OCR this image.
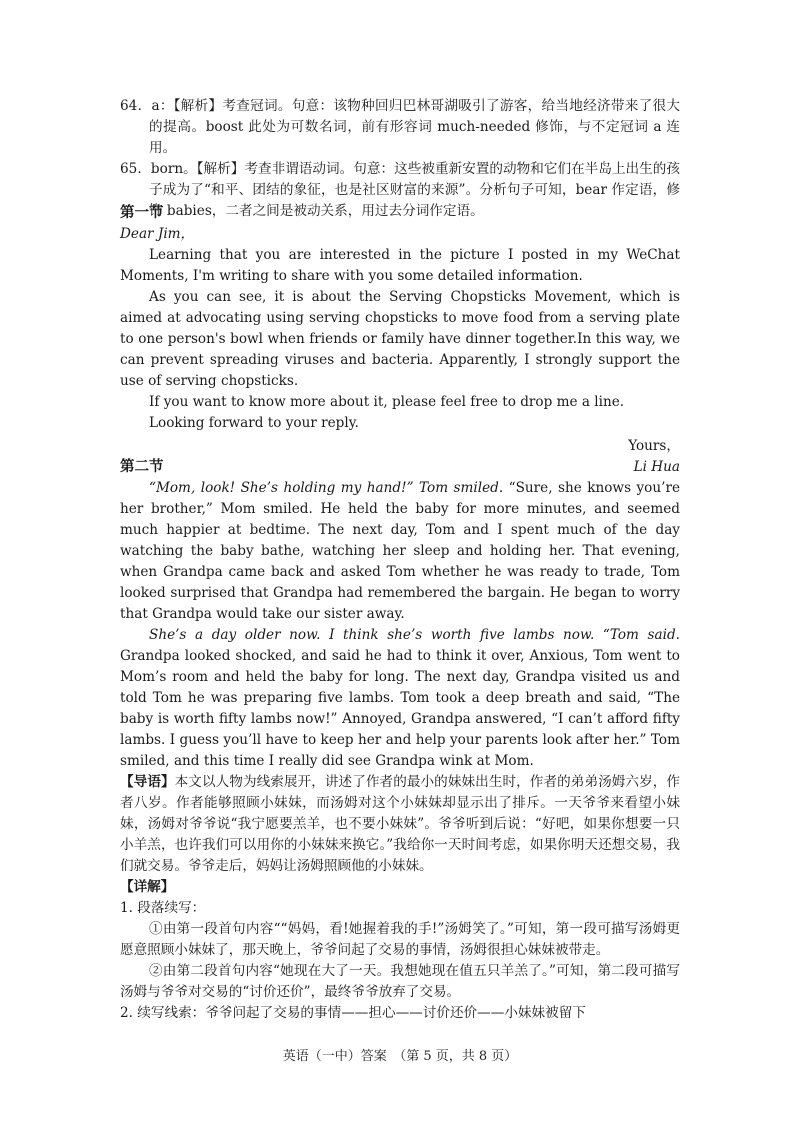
64．a：【解析】考查冠词。句意：该物种回归巴林哥湖吸引了游客，给当地经济带来了很大的提高。boost 此处为可数名词，前有形容词 much-needed 修饰，与不定冠词 a 连用。

65．born。【解析】考查非谓语动词。句意：这些被重新安置的动物和它们在半岛上出生的孩子成为了“和平、团结的象征，也是社区财富的来源”。分析句子可知，bear 作定语，修饰 babies，二者之间是被动关系，用过去分词作定语。

第一节

Dear Jim，

Learning that you are interested in the picture I posted in my WeChat Moments, I'm writing to share with you some detailed information.

As you can see, it is about the Serving Chopsticks Movement, which is aimed at advocating using serving chopsticks to move food from a serving plate to one person's bowl when friends or family have dinner together.In this way, we can prevent spreading viruses and bacteria. Apparently, I strongly support the use of serving chopsticks.

If you want to know more about it, please feel free to drop me a line.

Looking forward to your reply.

Yours，

Li Hua

第二节

“Mom, look! She’s holding my hand!” Tom smiled. “Sure, she knows you’re her brother,” Mom smiled. He held the baby for more minutes, and seemed much happier at bedtime. The next day, Tom and I spent much of the day watching the baby bathe, watching her sleep and holding her. That evening, when Grandpa came back and asked Tom whether he was ready to trade, Tom looked surprised that Grandpa had remembered the bargain. He began to worry that Grandpa would take our sister away.

She’s a day older now. I think she’s worth five lambs now. “Tom said. Grandpa looked shocked, and said he had to think it over, Anxious, Tom went to Mom’s room and held the baby for long. The next day, Grandpa visited us and told Tom he was preparing five lambs. Tom took a deep breath and said, “The baby is worth fifty lambs now!” Annoyed, Grandpa answered, “I can’t afford fifty lambs. I guess you’ll have to keep her and help your parents look after her.” Tom smiled, and this time I really did see Grandpa wink at Mom.

【导语】本文以人物为线索展开，讲述了作者的最小的妹妹出生时，作者的弟弟汤姆六岁，作者八岁。作者能够照顾小妹妹，而汤姆对这个小妹妹却显示出了排斥。一天爷爷来看望小妹妹，汤姆对爷爷说“我宁愿要羔羊，也不要小妹妹”。爷爷听到后说：“好吧，如果你想要一只小羊羔，也许我们可以用你的小妹妹来换它。”我给你一天时间考虑，如果你明天还想交易，我们就交易。爷爷走后，妈妈让汤姆照顾他的小妹妹。

【详解】

1. 段落续写：

①由第一段首句内容““妈妈，看!她握着我的手!”汤姆笑了。”可知，第一段可描写汤姆更愿意照顾小妹妹了，那天晚上，爷爷问起了交易的事情，汤姆很担心妹妹被带走。

②由第二段首句内容“她现在大了一天。我想她现在值五只羊羔了。”可知，第二段可描写汤姆与爷爷对交易的“讨价还价”，最终爷爷放弃了交易。

2. 续写线索：爷爷问起了交易的事情——担心——讨价还价——小妹妹被留下

英语（一中）答案　（第 5 页，共 8 页）
